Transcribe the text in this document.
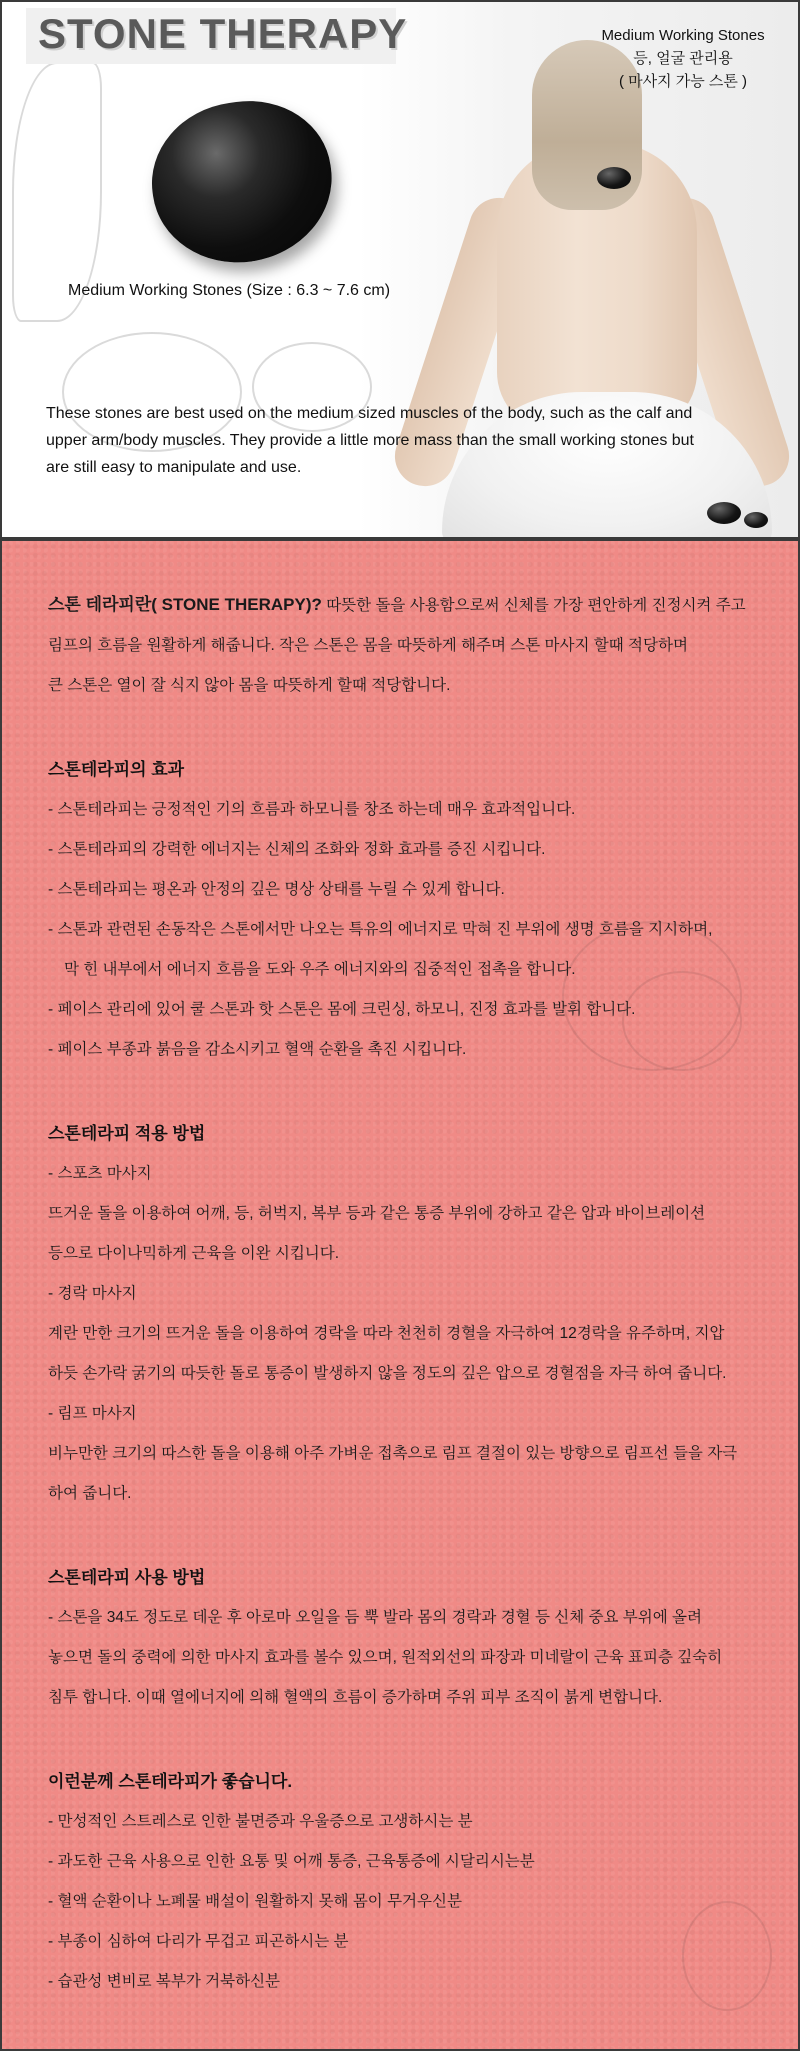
STONE THERAPY	Medium Working Stones
등, 얼굴 관리용
( 마사지 가능 스톤 )
Medium Working Stones (Size : 6.3 ~ 7.6 cm)
These stones are best used on the medium sized muscles of the body, such as the calf and
upper arm/body muscles. They provide a little more mass than the small working stones but
are still easy to manipulate and use.
스톤 테라피란( STONE THERAPY)? 따뜻한 돌을 사용함으로써 신체를 가장 편안하게 진정시켜 주고
림프의 흐름을 원활하게 해줍니다. 작은 스톤은 몸을 따뜻하게 해주며 스톤 마사지 할때 적당하며
큰 스톤은 열이 잘 식지 않아 몸을 따뜻하게 할때 적당합니다.
스톤테라피의 효과
- 스톤테라피는 긍정적인 기의 흐름과 하모니를 창조 하는데 매우 효과적입니다.
- 스톤테라피의 강력한 에너지는 신체의 조화와 정화 효과를 증진 시킵니다.
- 스톤테라피는 평온과 안정의 깊은 명상 상태를 누릴 수 있게 합니다.
- 스톤과 관련된 손동작은 스톤에서만 나오는 특유의 에너지로 막혀 진 부위에 생명 흐름을 지시하며,
막 힌 내부에서 에너지 흐름을 도와 우주 에너지와의 집중적인 접촉을 합니다.
- 페이스 관리에 있어 쿨 스톤과 핫 스톤은 몸에 크린싱, 하모니, 진정 효과를 발휘 합니다.
- 페이스 부종과 붉음을 감소시키고 혈액 순환을 촉진 시킵니다.
스톤테라피 적용 방법
- 스포츠 마사지
뜨거운 돌을 이용하여 어깨, 등, 허벅지, 복부 등과 같은 통증 부위에 강하고 같은 압과 바이브레이션
등으로 다이나믹하게 근육을 이완 시킵니다.
- 경락 마사지
계란 만한 크기의 뜨거운 돌을 이용하여 경락을 따라 천천히 경혈을 자극하여 12경락을 유주하며, 지압
하듯 손가락 굵기의 따듯한 돌로 통증이 발생하지 않을 정도의 깊은 압으로 경혈점을 자극 하여 줍니다.
- 림프 마사지
비누만한 크기의 따스한 돌을 이용해 아주 가벼운 접촉으로 림프 결절이 있는 방향으로 림프선 들을 자극
하여 줍니다.
스톤테라피 사용 방법
- 스톤을 34도 정도로 데운 후 아로마 오일을 듬 뿍 발라 몸의 경락과 경혈 등 신체 중요 부위에 올려
놓으면 돌의 중력에 의한 마사지 효과를 볼수 있으며, 원적외선의 파장과 미네랄이 근육 표피층 깊숙히
침투 합니다. 이때 열에너지에 의해 혈액의 흐름이 증가하며 주위 피부 조직이 붉게 변합니다.
이런분께 스톤테라피가 좋습니다.
- 만성적인 스트레스로 인한 불면증과 우울증으로 고생하시는 분
- 과도한 근육 사용으로 인한 요통 및 어깨 통증, 근육통증에 시달리시는분
- 혈액 순환이나 노폐물 배설이 원활하지 못해 몸이 무거우신분
- 부종이 심하여 다리가 무겁고 피곤하시는 분
- 습관성 변비로 복부가 거북하신분
